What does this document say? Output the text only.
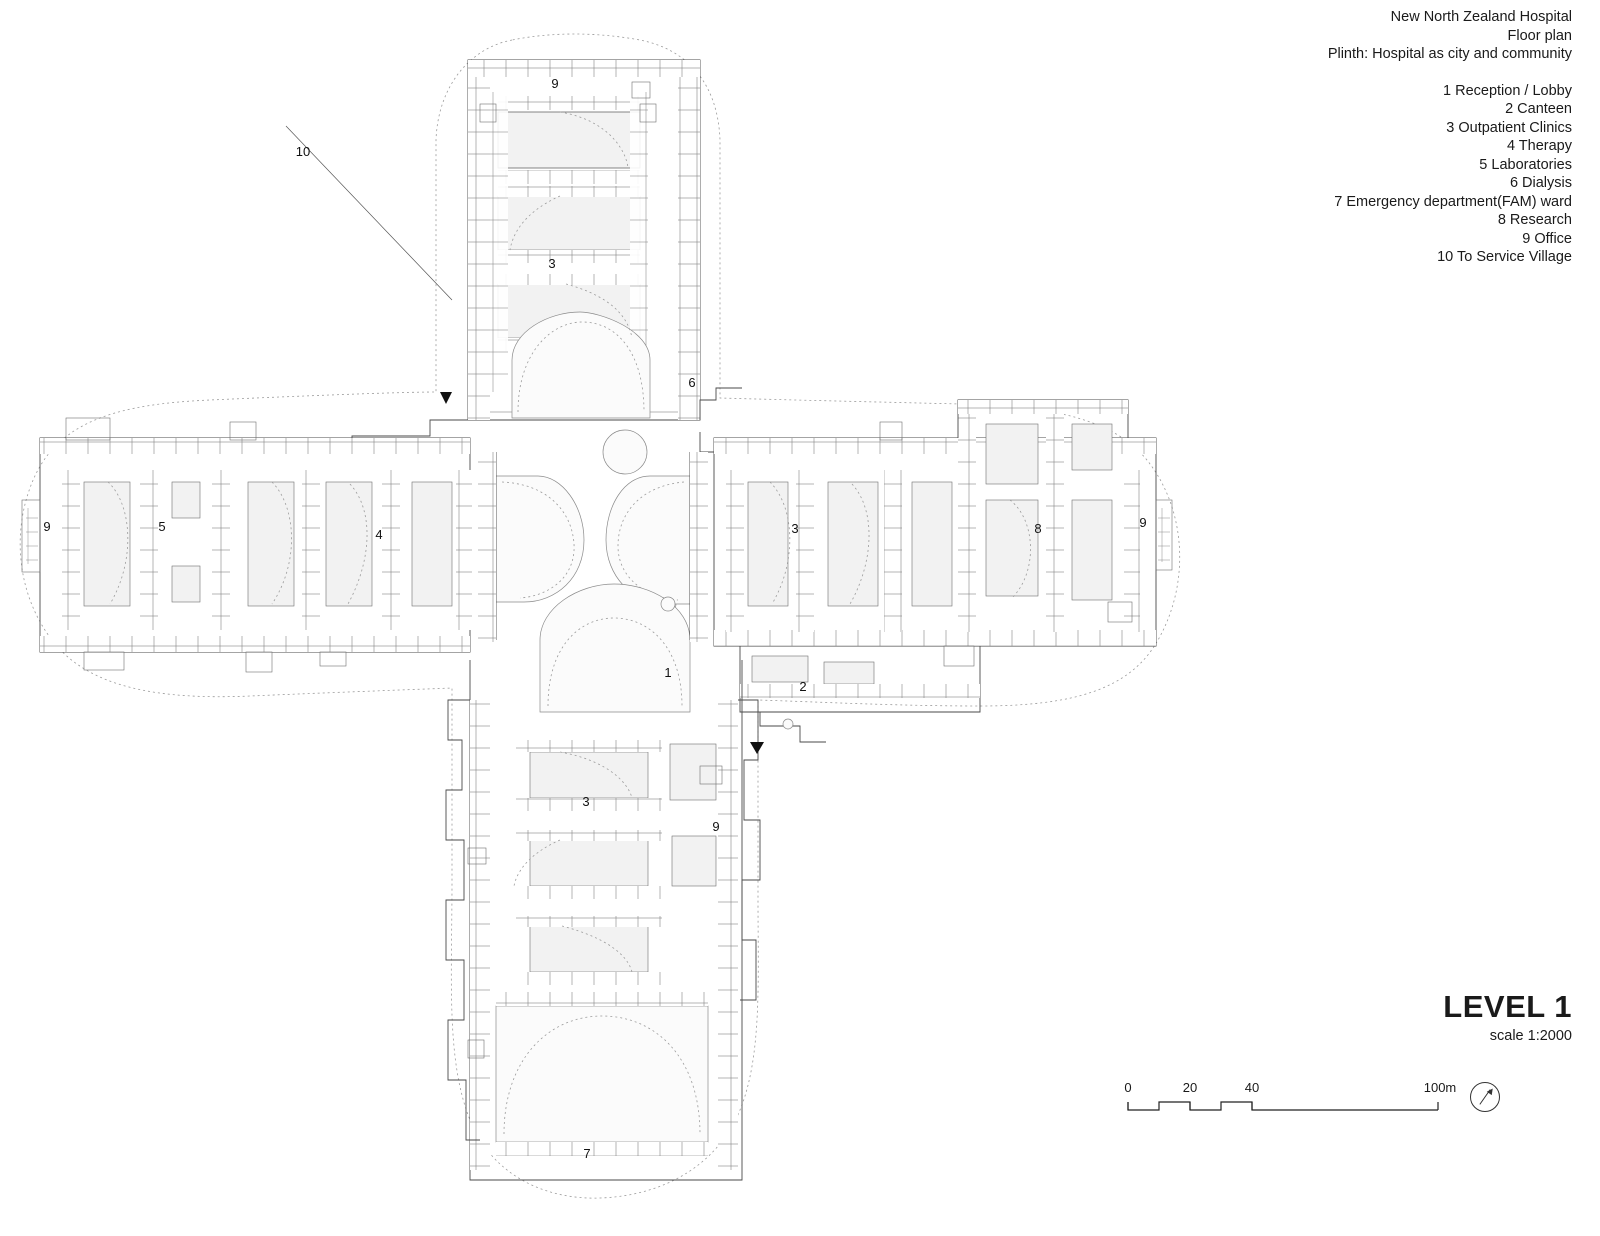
9
3
10
6
9	5
4	3	8	9
1
2
3
9
7
New North Zealand Hospital
Floor plan
Plinth: Hospital as city and community
1 Reception / Lobby
2 Canteen
3 Outpatient Clinics
4 Therapy
5 Laboratories
6 Dialysis
7 Emergency department(FAM) ward
8 Research
9 Office
10 To Service Village
LEVEL 1
scale 1:2000
0	20	40	100m
